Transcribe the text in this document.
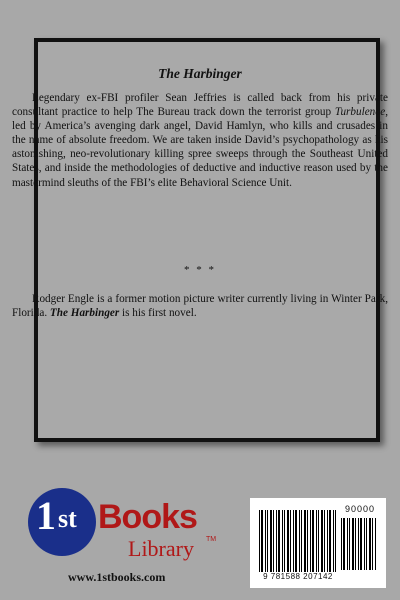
The Harbinger

Legendary ex-FBI profiler Sean Jeffries is called back from his private consultant practice to help The Bureau track down the terrorist group Turbulence, led by America’s avenging dark angel, David Hamlyn, who kills and crusades in the name of absolute freedom. We are taken inside David’s psychopathology as his astonishing, neo-revolutionary killing spree sweeps through the Southeast United States, and inside the methodologies of deductive and inductive reason used by the mastermind sleuths of the FBI’s elite Behavioral Science Unit.

* * *

Rodger Engle is a former motion picture writer currently living in Winter Park, Florida. The Harbinger is his first novel.

1 st Books
Library TM
www.1stbooks.com
90000
9 781588 207142
